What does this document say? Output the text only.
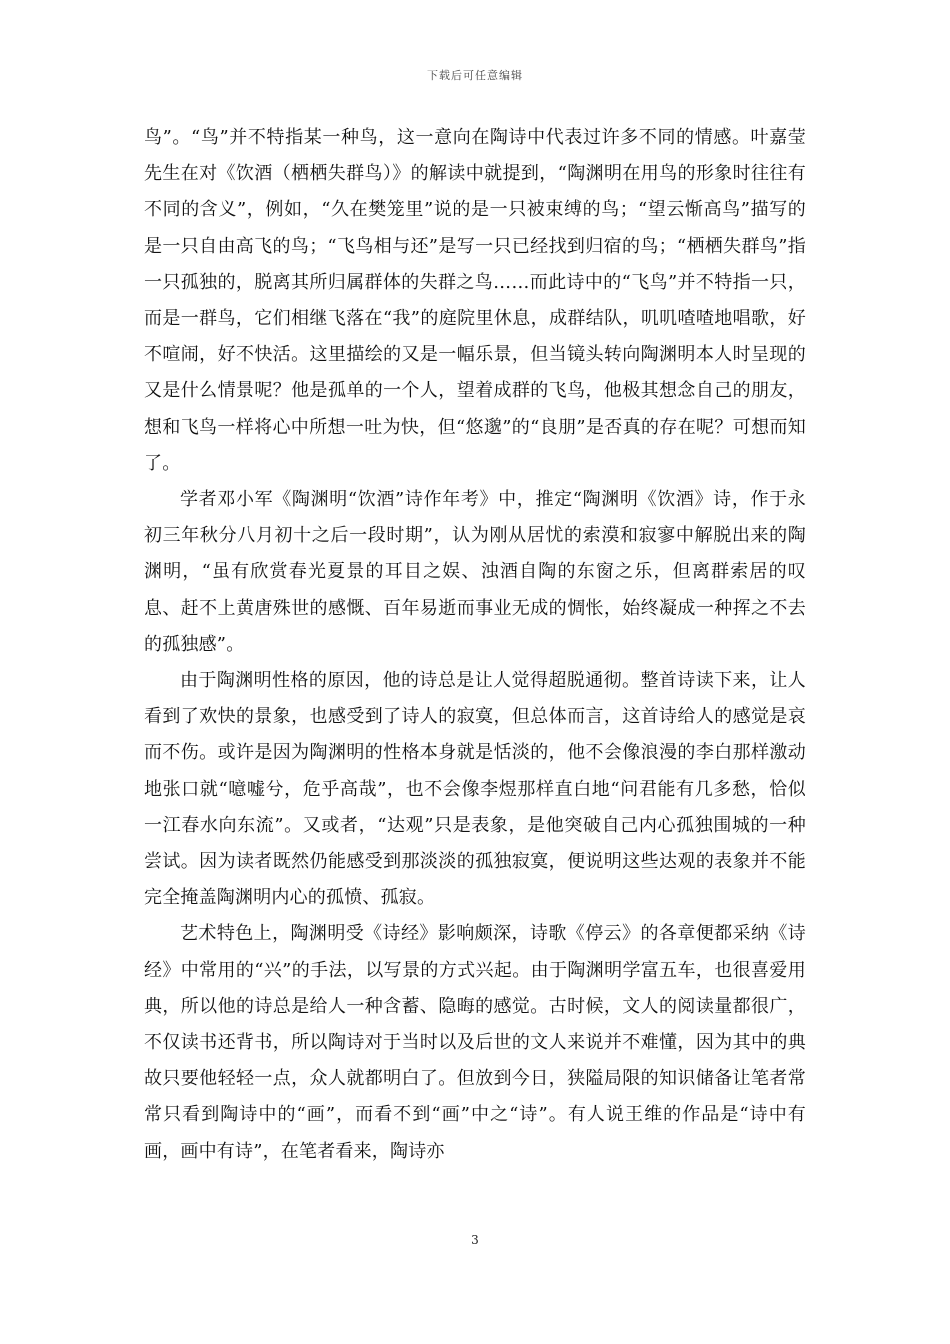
下载后可任意编辑

鸟”。“鸟”并不特指某一种鸟，这一意向在陶诗中代表过许多不同的情感。叶嘉莹先生在对《饮酒（栖栖失群鸟）》的解读中就提到，“陶渊明在用鸟的形象时往往有不同的含义”，例如，“久在樊笼里”说的是一只被束缚的鸟；“望云惭高鸟”描写的是一只自由高飞的鸟；“飞鸟相与还”是写一只已经找到归宿的鸟；“栖栖失群鸟”指一只孤独的，脱离其所归属群体的失群之鸟……而此诗中的“飞鸟”并不特指一只，而是一群鸟，它们相继飞落在“我”的庭院里休息，成群结队，叽叽喳喳地唱歌，好不喧闹，好不快活。这里描绘的又是一幅乐景，但当镜头转向陶渊明本人时呈现的又是什么情景呢？他是孤单的一个人，望着成群的飞鸟，他极其想念自己的朋友，想和飞鸟一样将心中所想一吐为快，但“悠邈”的“良朋”是否真的存在呢？可想而知了。

学者邓小军《陶渊明“饮酒”诗作年考》中，推定“陶渊明《饮酒》诗，作于永初三年秋分八月初十之后一段时期”，认为刚从居忧的索漠和寂寥中解脱出来的陶渊明，“虽有欣赏春光夏景的耳目之娱、浊酒自陶的东窗之乐，但离群索居的叹息、赶不上黄唐殊世的感慨、百年易逝而事业无成的惆怅，始终凝成一种挥之不去的孤独感”。

由于陶渊明性格的原因，他的诗总是让人觉得超脱通彻。整首诗读下来，让人看到了欢快的景象，也感受到了诗人的寂寞，但总体而言，这首诗给人的感觉是哀而不伤。或许是因为陶渊明的性格本身就是恬淡的，他不会像浪漫的李白那样激动地张口就“噫嘘兮，危乎高哉”，也不会像李煜那样直白地“问君能有几多愁，恰似一江春水向东流”。又或者，“达观”只是表象，是他突破自己内心孤独围城的一种尝试。因为读者既然仍能感受到那淡淡的孤独寂寞，便说明这些达观的表象并不能完全掩盖陶渊明内心的孤愤、孤寂。

艺术特色上，陶渊明受《诗经》影响颇深，诗歌《停云》的各章便都采纳《诗经》中常用的“兴”的手法，以写景的方式兴起。由于陶渊明学富五车，也很喜爱用典，所以他的诗总是给人一种含蓄、隐晦的感觉。古时候，文人的阅读量都很广，不仅读书还背书，所以陶诗对于当时以及后世的文人来说并不难懂，因为其中的典故只要他轻轻一点，众人就都明白了。但放到今日，狭隘局限的知识储备让笔者常常只看到陶诗中的“画”，而看不到“画”中之“诗”。有人说王维的作品是“诗中有画，画中有诗”，在笔者看来，陶诗亦

3
